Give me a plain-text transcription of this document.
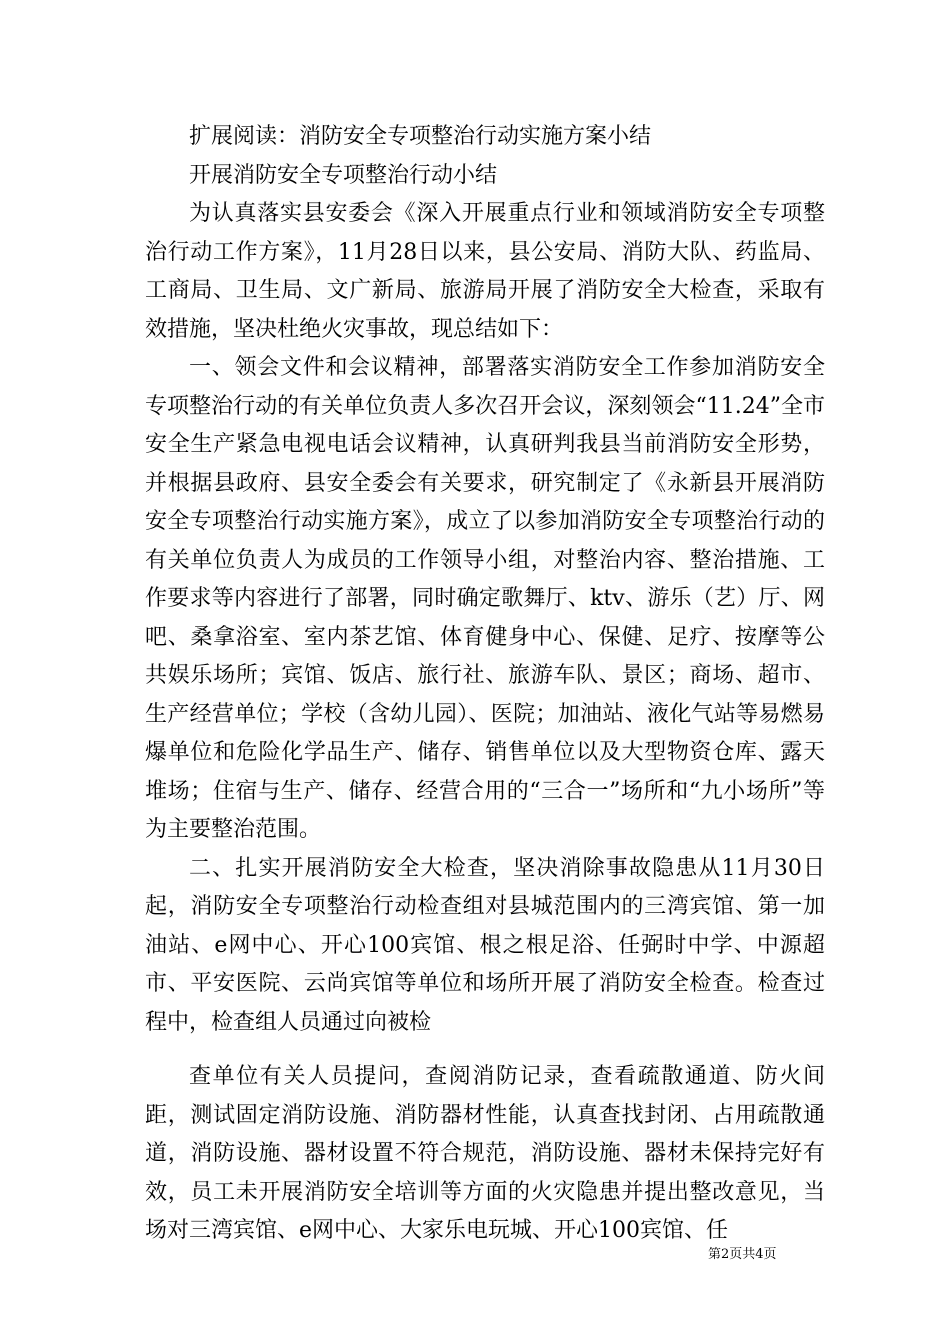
扩展阅读：消防安全专项整治行动实施方案小结

开展消防安全专项整治行动小结

为认真落实县安委会《深入开展重点行业和领域消防安全专项整治行动工作方案》，11月28日以来，县公安局、消防大队、药监局、工商局、卫生局、文广新局、旅游局开展了消防安全大检查，采取有效措施，坚决杜绝火灾事故，现总结如下：

一、领会文件和会议精神，部署落实消防安全工作参加消防安全专项整治行动的有关单位负责人多次召开会议，深刻领会“11.24”全市安全生产紧急电视电话会议精神，认真研判我县当前消防安全形势，并根据县政府、县安全委会有关要求，研究制定了《永新县开展消防安全专项整治行动实施方案》，成立了以参加消防安全专项整治行动的有关单位负责人为成员的工作领导小组，对整治内容、整治措施、工作要求等内容进行了部署，同时确定歌舞厅、ktv、游乐（艺）厅、网吧、桑拿浴室、室内茶艺馆、体育健身中心、保健、足疗、按摩等公共娱乐场所；宾馆、饭店、旅行社、旅游车队、景区；商场、超市、生产经营单位；学校（含幼儿园）、医院；加油站、液化气站等易燃易爆单位和危险化学品生产、储存、销售单位以及大型物资仓库、露天堆场；住宿与生产、储存、经营合用的“三合一”场所和“九小场所”等为主要整治范围。

二、扎实开展消防安全大检查，坚决消除事故隐患从11月30日起，消防安全专项整治行动检查组对县城范围内的三湾宾馆、第一加油站、e网中心、开心100宾馆、根之根足浴、任弼时中学、中源超市、平安医院、云尚宾馆等单位和场所开展了消防安全检查。检查过程中，检查组人员通过向被检

查单位有关人员提问，查阅消防记录，查看疏散通道、防火间距，测试固定消防设施、消防器材性能，认真查找封闭、占用疏散通道，消防设施、器材设置不符合规范，消防设施、器材未保持完好有效，员工未开展消防安全培训等方面的火灾隐患并提出整改意见，当场对三湾宾馆、e网中心、大家乐电玩城、开心100宾馆、任

第2页共4页
